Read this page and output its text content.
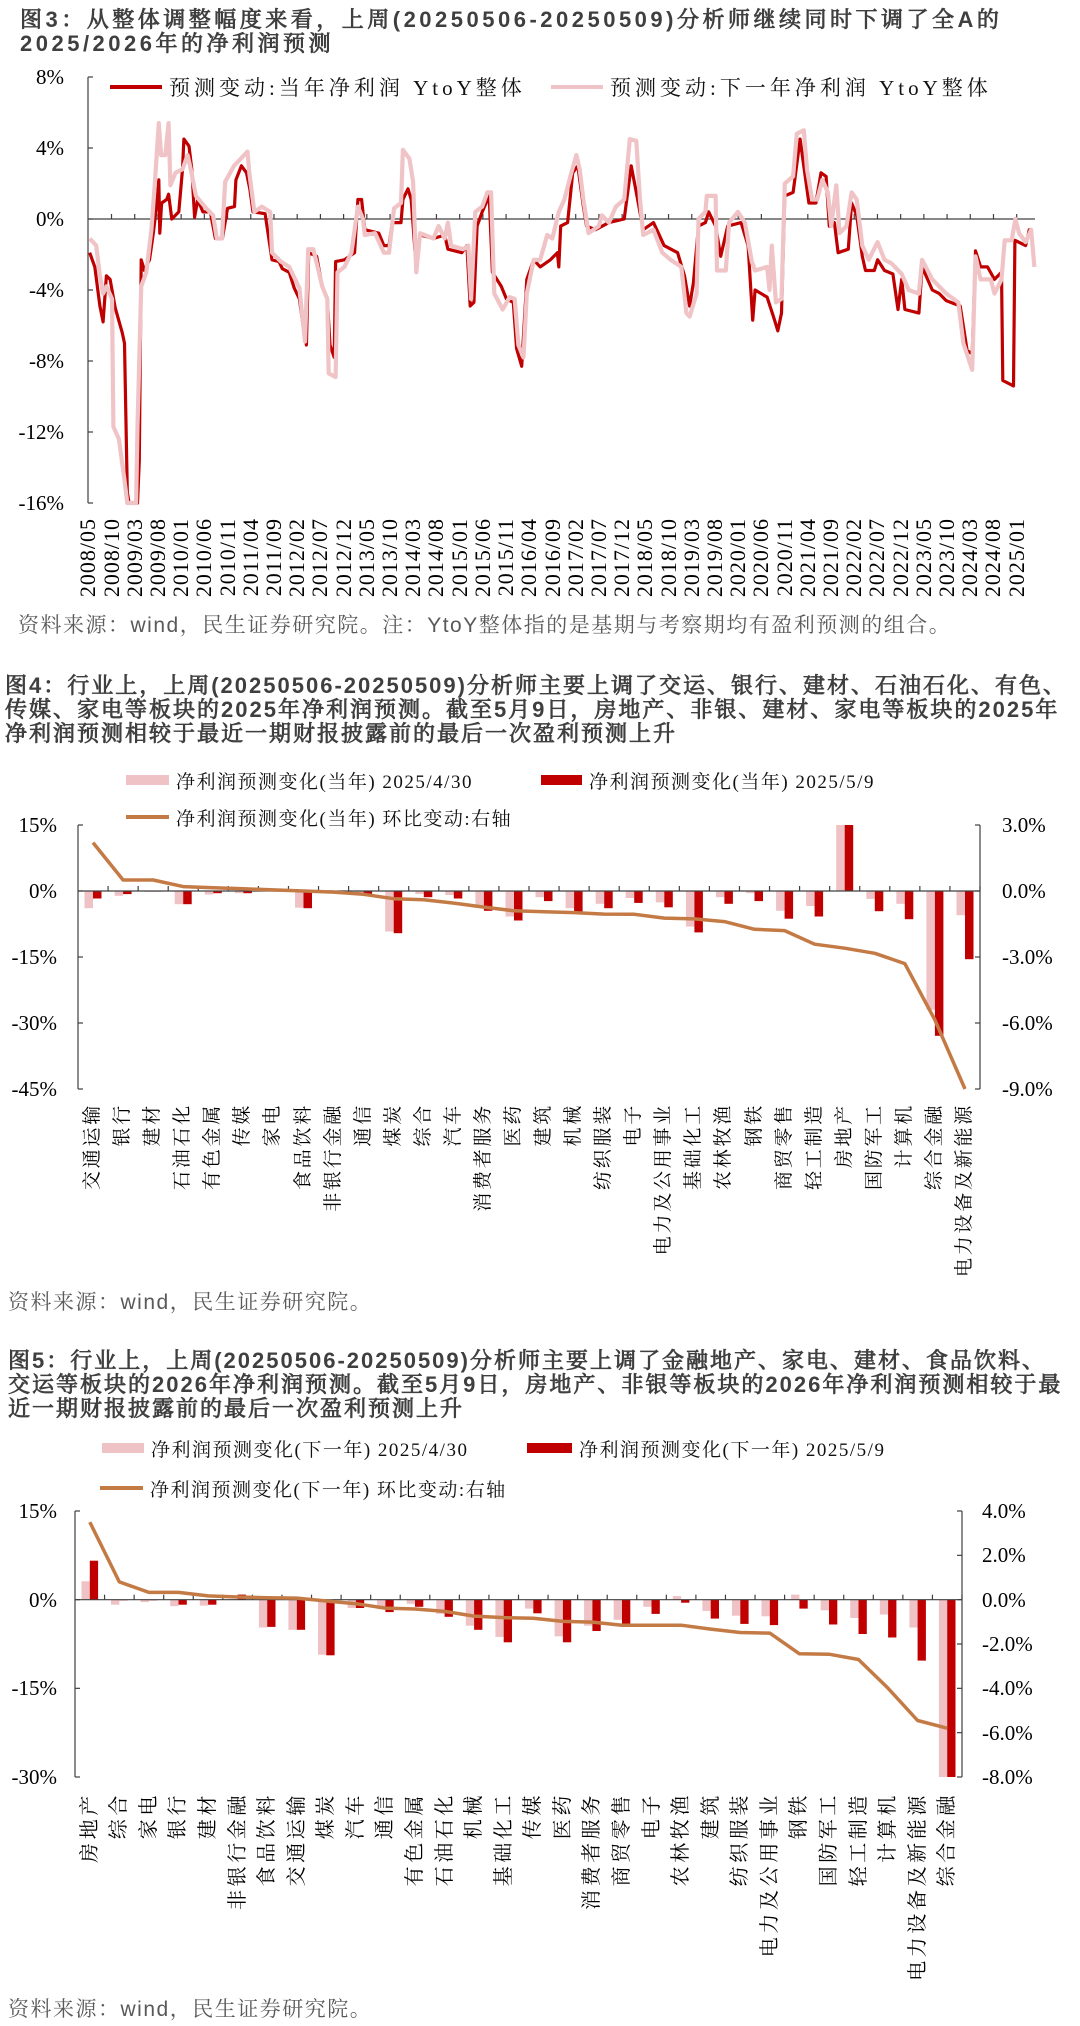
图3：从整体调整幅度来看，上周(20250506-20250509)分析师继续同时下调了全A的
2025/2026年的净利润预测
预测变动:当年净利润 YtoY整体	预测变动:下一年净利润 YtoY整体
资料来源：wind，民生证券研究院。注：YtoY整体指的是基期与考察期均有盈利预测的组合。
图4：行业上，上周(20250506-20250509)分析师主要上调了交运、银行、建材、石油石化、有色、
传媒、家电等板块的2025年净利润预测。截至5月9日，房地产、非银、建材、家电等板块的2025年
净利润预测相较于最近一期财报披露前的最后一次盈利预测上升
净利润预测变化(当年) 2025/4/30	净利润预测变化(当年) 2025/5/9
净利润预测变化(当年) 环比变动:右轴
资料来源：wind，民生证券研究院。
图5：行业上，上周(20250506-20250509)分析师主要上调了金融地产、家电、建材、食品饮料、
交运等板块的2026年净利润预测。截至5月9日，房地产、非银等板块的2026年净利润预测相较于最
近一期财报披露前的最后一次盈利预测上升
净利润预测变化(下一年) 2025/4/30	净利润预测变化(下一年) 2025/5/9
净利润预测变化(下一年) 环比变动:右轴
资料来源：wind，民生证券研究院。
8%
4%
0%
-4%
-8%
-12%
-16%
2008/05
2008/10
2009/03
2009/08
2010/01
2010/06
2010/11
2011/04
2011/09
2012/02
2012/07
2012/12
2013/05
2013/10
2014/03
2014/08
2015/01
2015/06
2015/11
2016/04
2016/09
2017/02
2017/07
2017/12
2018/05
2018/10
2019/03
2019/08
2020/01
2020/06
2020/11
2021/04
2021/09
2022/02
2022/07
2022/12
2023/05
2023/10
2024/03
2024/08
2025/01
15%
0%
-15%
-30%
-45%
3.0%
0.0%
-3.0%
-6.0%
-9.0%
交通运输 银行 建材 石油石化 有色金属 传媒 家电 食品饮料 非银行金融 通信 煤炭 综合 汽车 消费者服务 医药 建筑 机械 纺织服装 电子 电力及公用事业 基础化工 农林牧渔 钢铁 商贸零售 轻工制造 房地产 国防军工 计算机 综合金融 电力设备及新能源
15%
0%
-15%
-30%
4.0%
2.0%
0.0%
-2.0%
-4.0%
-6.0%
-8.0%
房地产 综合 家电 银行 建材 非银行金融 食品饮料 交通运输 煤炭 汽车 通信 有色金属 石油石化 机械 基础化工 传媒 医药 消费者服务 商贸零售 电子 农林牧渔 建筑 纺织服装 电力及公用事业 钢铁 国防军工 轻工制造 计算机 电力设备及新能源 综合金融
